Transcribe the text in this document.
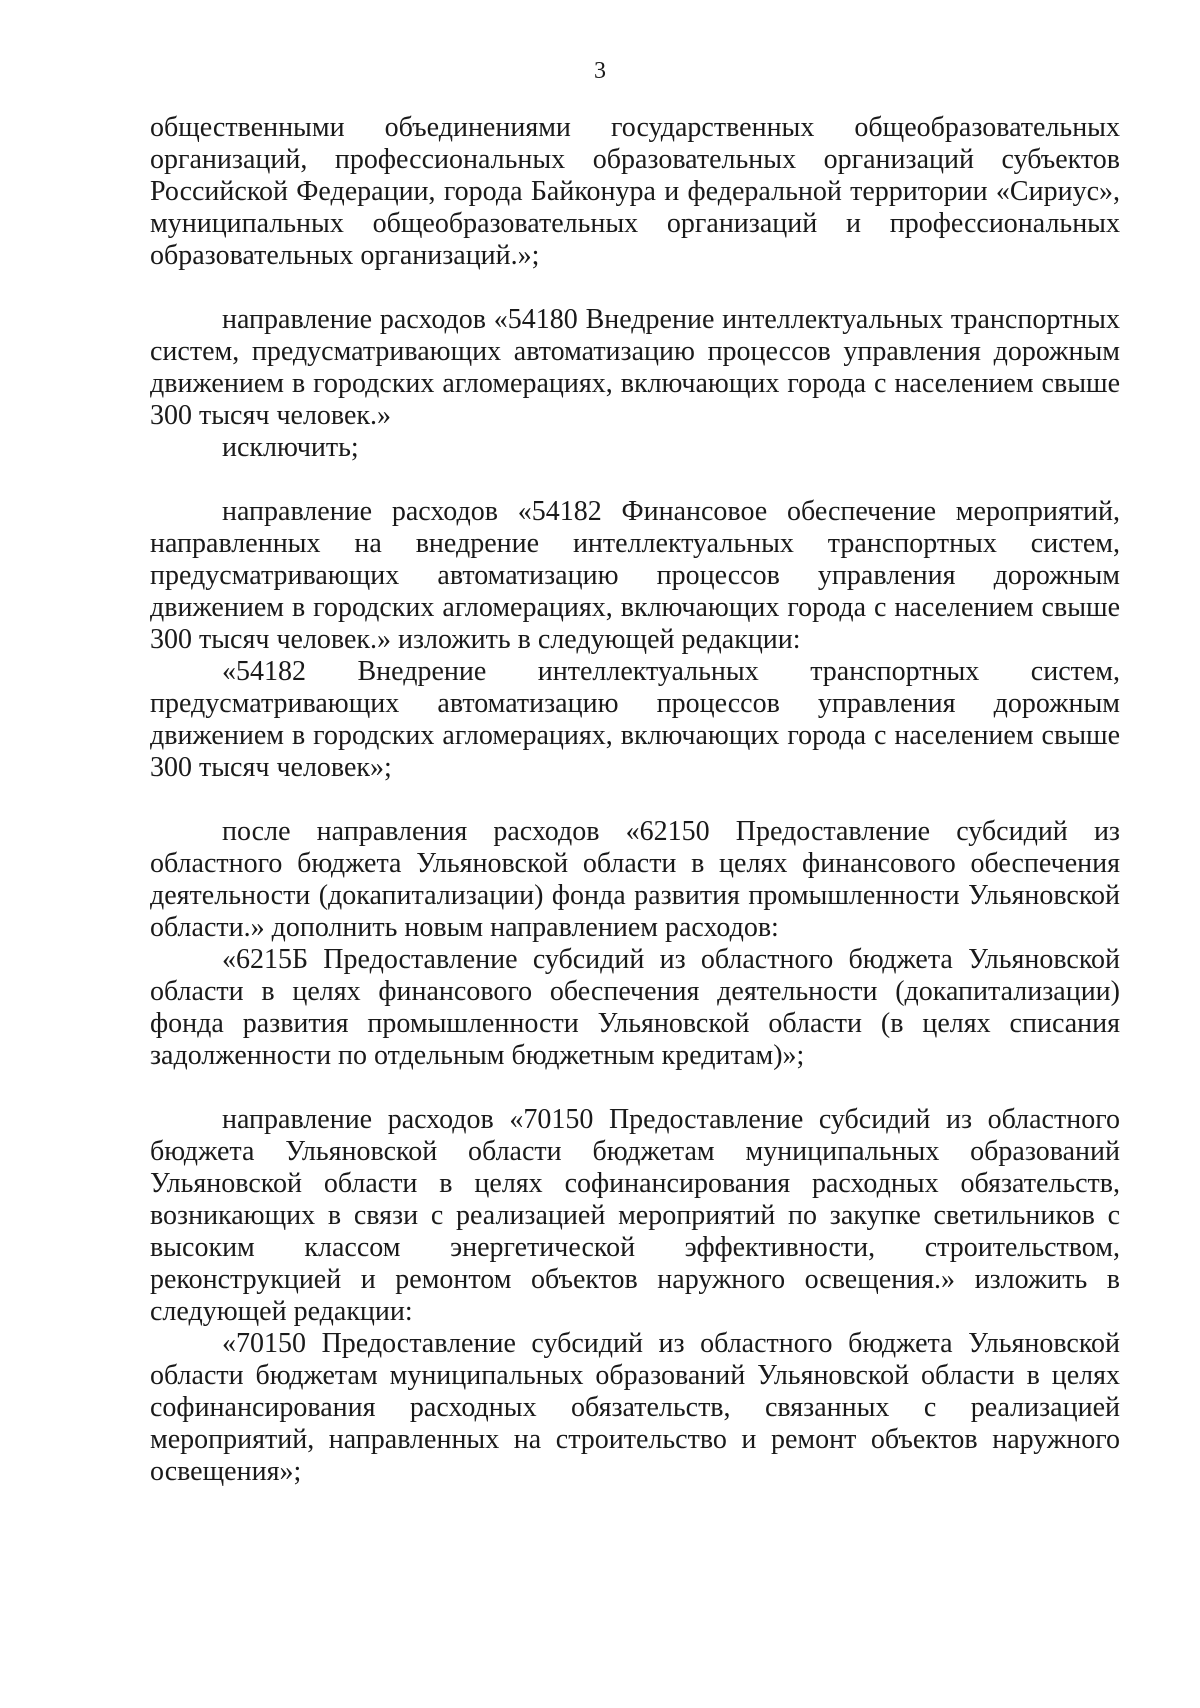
3

общественными объединениями государственных общеобразовательных организаций, профессиональных образовательных организаций субъектов Российской Федерации, города Байконура и федеральной территории «Сириус», муниципальных общеобразовательных организаций и профессиональных образовательных организаций.»;

направление расходов «54180 Внедрение интеллектуальных транспортных систем, предусматривающих автоматизацию процессов управления дорожным движением в городских агломерациях, включающих города с населением свыше 300 тысяч человек.»

исключить;

направление расходов «54182 Финансовое обеспечение мероприятий, направленных на внедрение интеллектуальных транспортных систем, предусматривающих автоматизацию процессов управления дорожным движением в городских агломерациях, включающих города с населением свыше 300 тысяч человек.» изложить в следующей редакции:

«54182 Внедрение интеллектуальных транспортных систем, предусматривающих автоматизацию процессов управления дорожным движением в городских агломерациях, включающих города с населением свыше 300 тысяч человек»;

после направления расходов «62150 Предоставление субсидий из областного бюджета Ульяновской области в целях финансового обеспечения деятельности (докапитализации) фонда развития промышленности Ульяновской области.» дополнить новым направлением расходов:

«6215Б Предоставление субсидий из областного бюджета Ульяновской области в целях финансового обеспечения деятельности (докапитализации) фонда развития промышленности Ульяновской области (в целях списания задолженности по отдельным бюджетным кредитам)»;

направление расходов «70150 Предоставление субсидий из областного бюджета Ульяновской области бюджетам муниципальных образований Ульяновской области в целях софинансирования расходных обязательств, возникающих в связи с реализацией мероприятий по закупке светильников с высоким классом энергетической эффективности, строительством, реконструкцией и ремонтом объектов наружного освещения.» изложить в следующей редакции:

«70150 Предоставление субсидий из областного бюджета Ульяновской области бюджетам муниципальных образований Ульяновской области в целях софинансирования расходных обязательств, связанных с реализацией мероприятий, направленных на строительство и ремонт объектов наружного освещения»;
